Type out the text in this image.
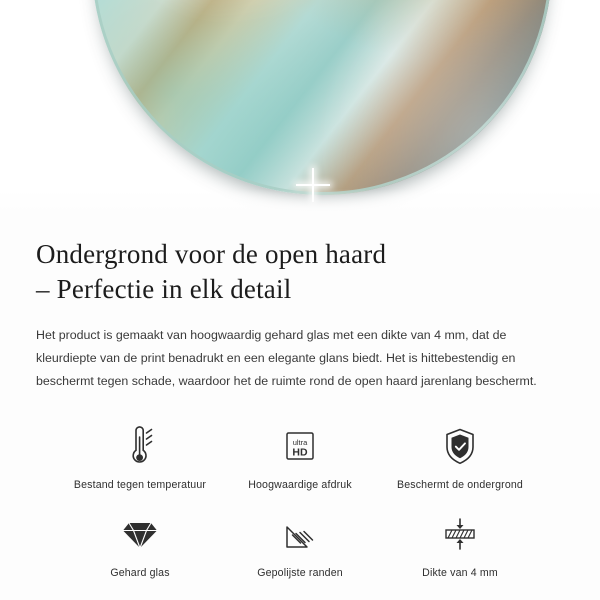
Ondergrond voor de open haard
– Perfectie in elk detail

Het product is gemaakt van hoogwaardig gehard glas met een dikte van 4 mm, dat de kleurdiepte van de print benadrukt en een elegante glans biedt. Het is hittebestendig en beschermt tegen schade, waardoor het de ruimte rond de open haard jarenlang beschermt.

Bestand tegen temperatuur
ultra
HD
Hoogwaardige afdruk	Beschermt de ondergrond
Gehard glas	Gepolijste randen	Dikte van 4 mm
